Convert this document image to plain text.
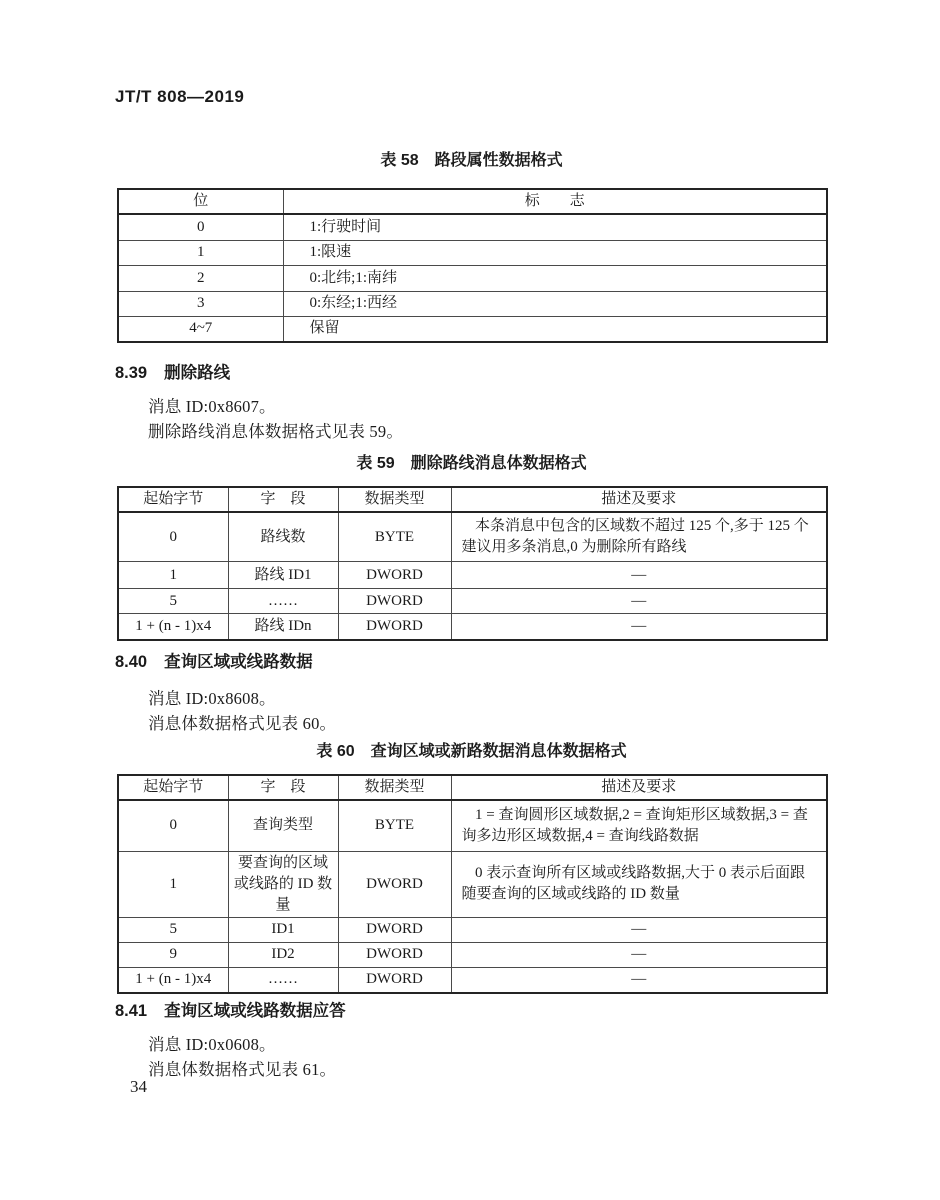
JT/T 808—2019
表 58　路段属性数据格式
位	标　　志
0	1:行驶时间
1	1:限速
2	0:北纬;1:南纬
3	0:东经;1:西经
4~7	保留
8.39 删除路线
消息 ID:0x8607。
删除路线消息体数据格式见表 59。
表 59　删除路线消息体数据格式
起始字节	字　段	数据类型	描述及要求
0	路线数	BYTE	本条消息中包含的区域数不超过 125 个,多于 125 个建议用多条消息,0 为删除所有路线
1	路线 ID1	DWORD	—
5	……	DWORD	—
1 + (n - 1)x4	路线 IDn	DWORD	—
8.40 查询区域或线路数据
消息 ID:0x8608。
消息体数据格式见表 60。
表 60　查询区域或新路数据消息体数据格式
起始字节	字　段	数据类型	描述及要求
0	查询类型	BYTE	1 = 查询圆形区域数据,2 = 查询矩形区域数据,3 = 查询多边形区域数据,4 = 查询线路数据
1	要查询的区域或线路的 ID 数量	DWORD	0 表示查询所有区域或线路数据,大于 0 表示后面跟随要查询的区域或线路的 ID 数量
5	ID1	DWORD	—
9	ID2	DWORD	—
1 + (n - 1)x4	……	DWORD	—
8.41 查询区域或线路数据应答
消息 ID:0x0608。
消息体数据格式见表 61。
34
